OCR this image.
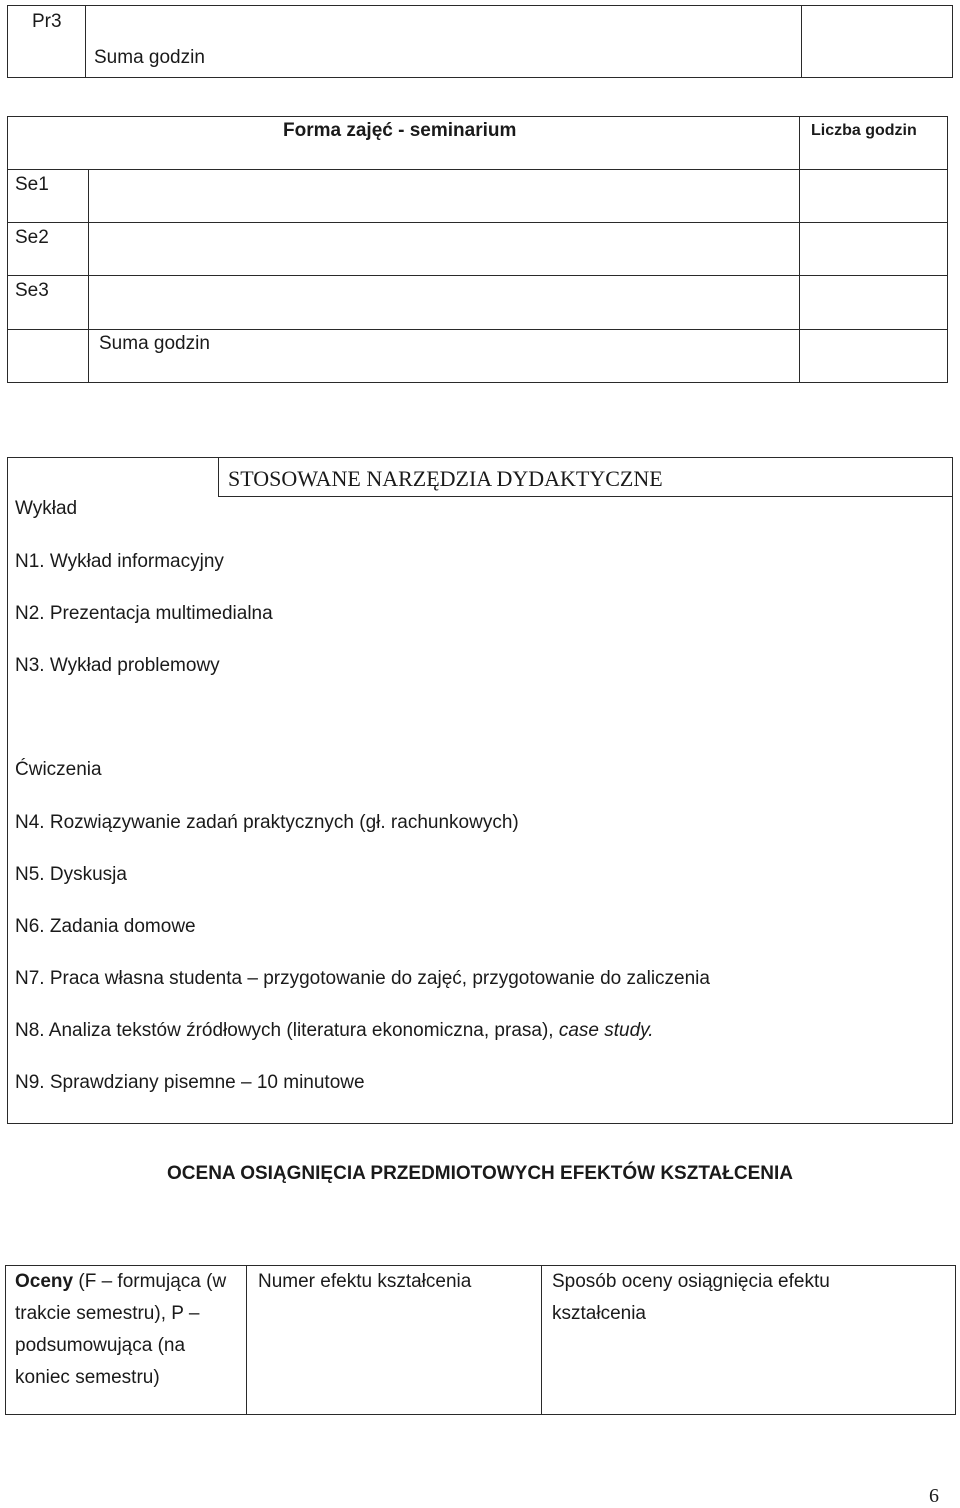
Pr3
Suma godzin
Forma zajęć - seminarium	Liczba godzin
Se1
Se2
Se3
Suma godzin
STOSOWANE NARZĘDZIA DYDAKTYCZNE
Wykład
N1. Wykład informacyjny
N2. Prezentacja multimedialna
N3. Wykład problemowy
Ćwiczenia
N4. Rozwiązywanie zadań praktycznych (gł. rachunkowych)
N5. Dyskusja
N6. Zadania domowe
N7. Praca własna studenta – przygotowanie do zajęć, przygotowanie do zaliczenia
N8. Analiza tekstów źródłowych (literatura ekonomiczna, prasa), case study.
N9. Sprawdziany pisemne – 10 minutowe
OCENA OSIĄGNIĘCIA PRZEDMIOTOWYCH EFEKTÓW KSZTAŁCENIA
Oceny (F – formująca (w trakcie semestru), P – podsumowująca (na koniec semestru)
Numer efektu kształcenia	Sposób oceny osiągnięcia efektu kształcenia
6
